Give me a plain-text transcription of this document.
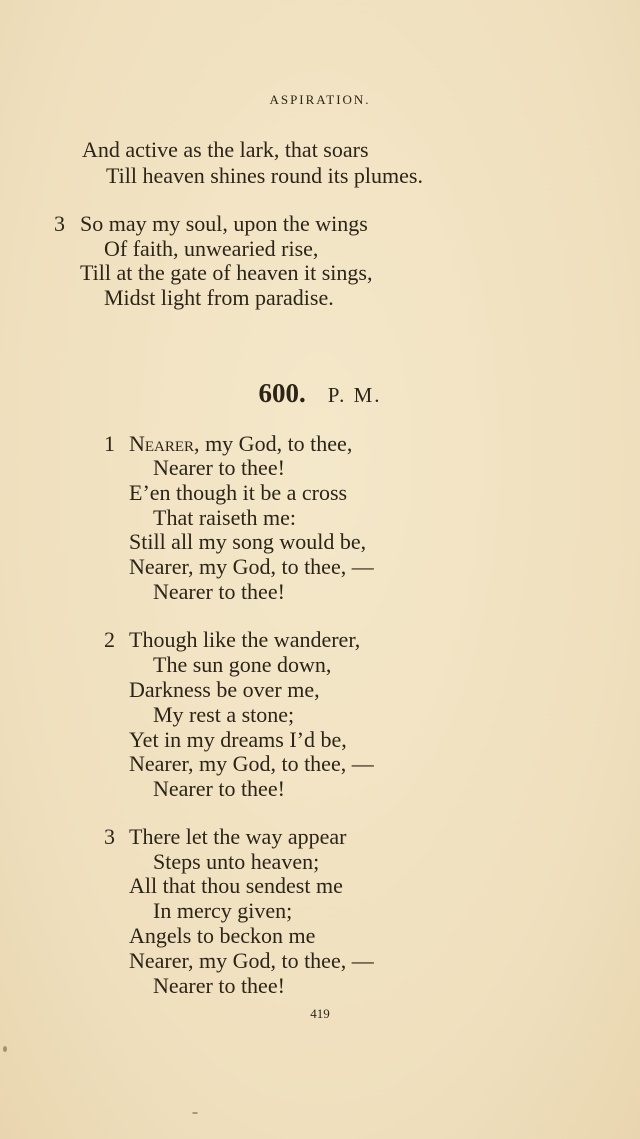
ASPIRATION.
And active as the lark, that soars
Till heaven shines round its plumes.
3 So may my soul, upon the wings
Of faith, unwearied rise,
Till at the gate of heaven it sings,
Midst light from paradise.
600. P. M.
1 Nearer, my God, to thee,
Nearer to thee!
E’en though it be a cross
That raiseth me:
Still all my song would be,
Nearer, my God, to thee, —
Nearer to thee!
2 Though like the wanderer,
The sun gone down,
Darkness be over me,
My rest a stone;
Yet in my dreams I’d be,
Nearer, my God, to thee, —
Nearer to thee!
3 There let the way appear
Steps unto heaven;
All that thou sendest me
In mercy given;
Angels to beckon me
Nearer, my God, to thee, —
Nearer to thee!
419
